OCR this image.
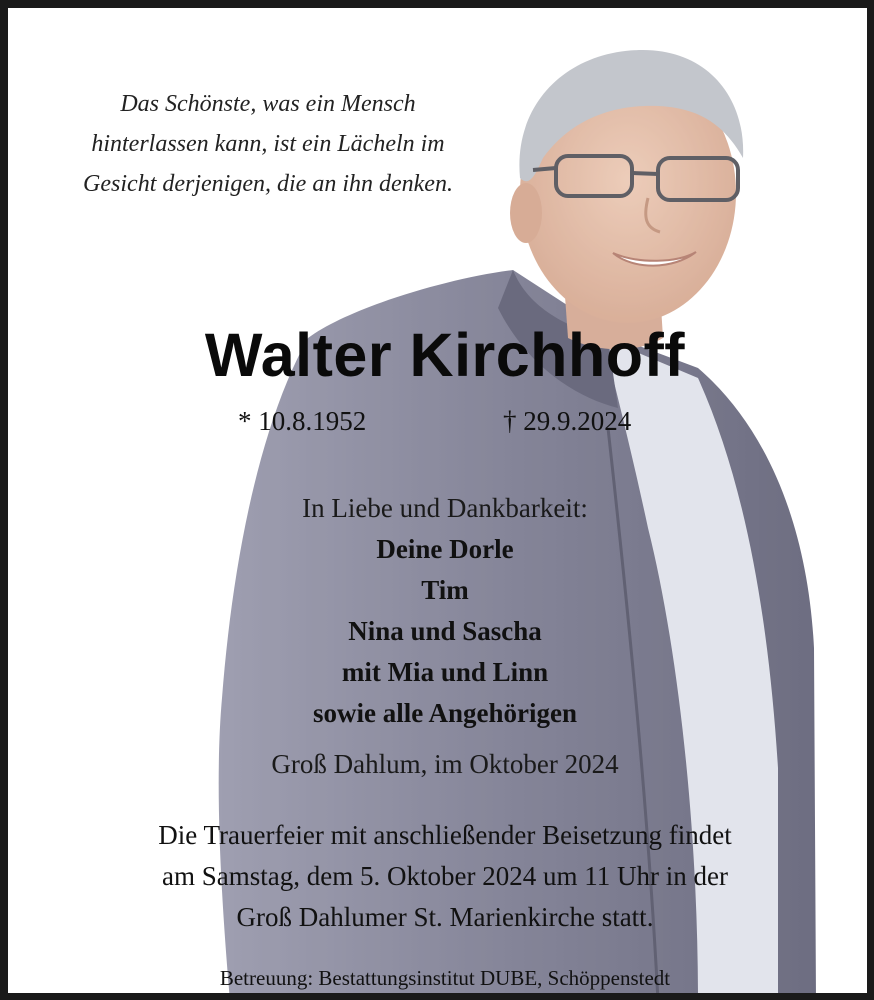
Das Schönste, was ein Mensch
hinterlassen kann, ist ein Lächeln im
Gesicht derjenigen, die an ihn denken.
Walter Kirchhoff
* 10.8.1952	† 29.9.2024
In Liebe und Dankbarkeit:
Deine Dorle
Tim
Nina und Sascha
mit Mia und Linn
sowie alle Angehörigen
Groß Dahlum, im Oktober 2024
Die Trauerfeier mit anschließender Beisetzung findet
am Samstag, dem 5. Oktober 2024 um 11 Uhr in der
Groß Dahlumer St. Marienkirche statt.
Betreuung: Bestattungsinstitut DUBE, Schöppenstedt
